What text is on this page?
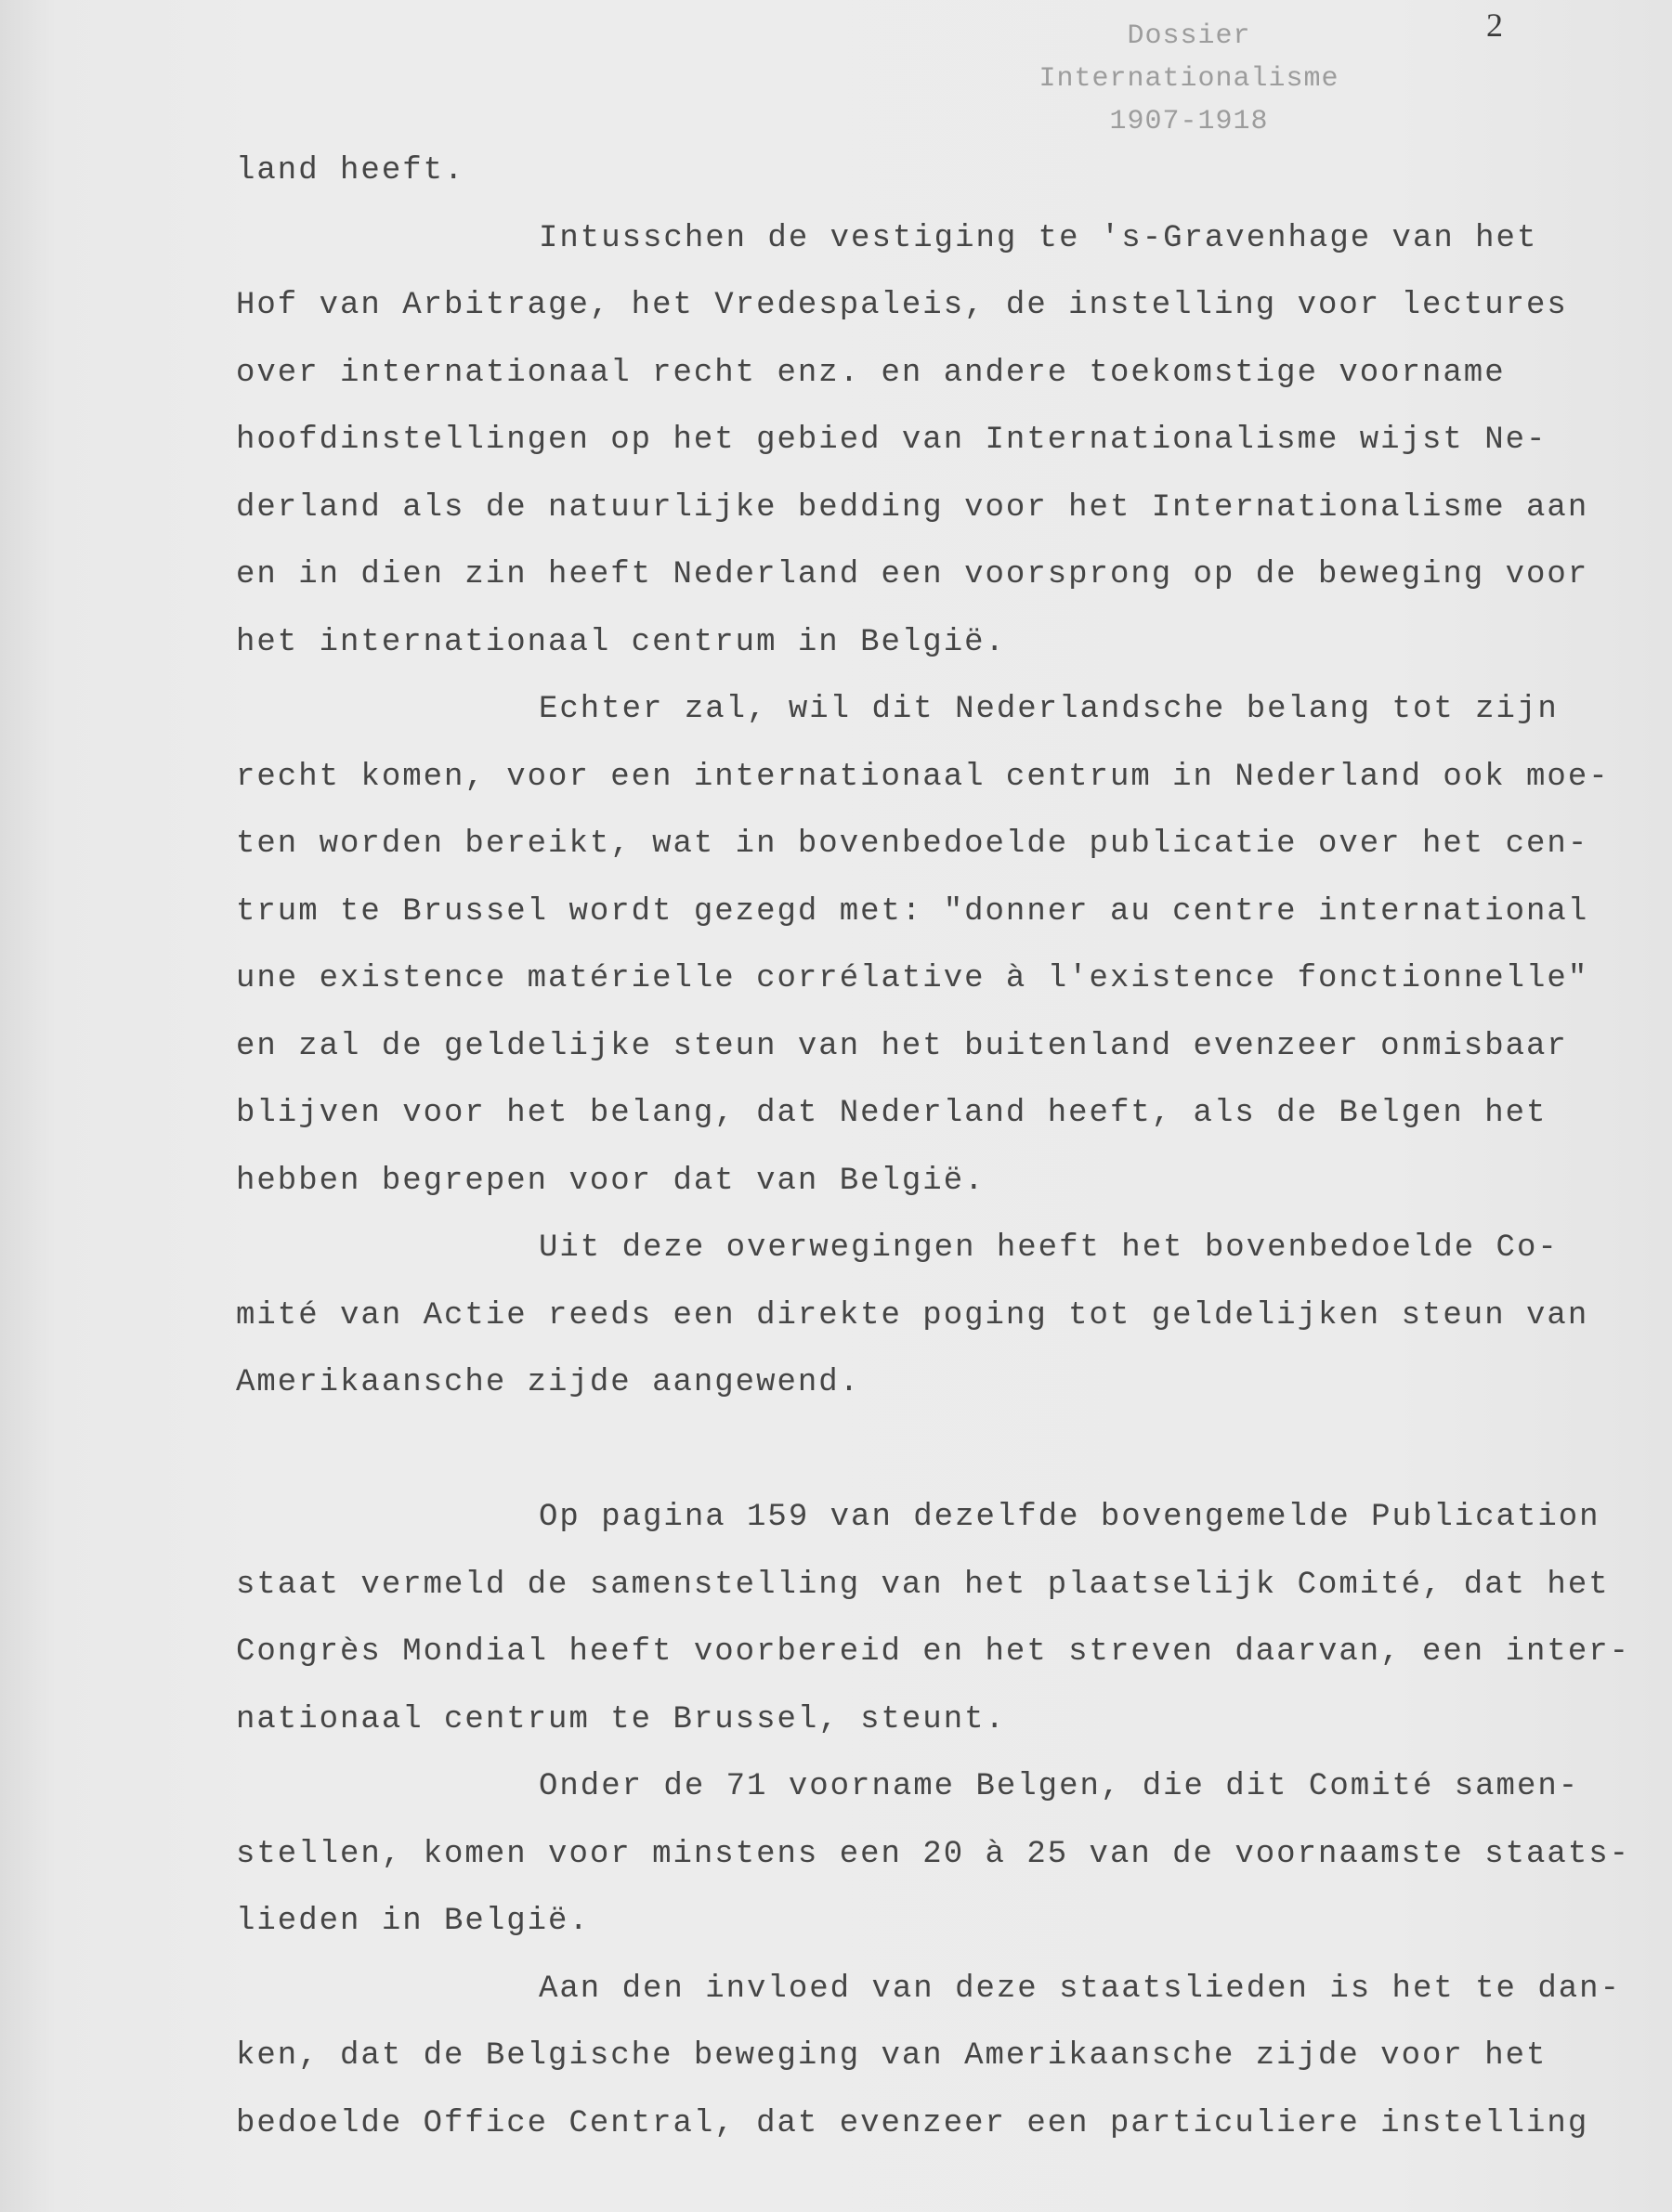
Dossier
Internationalisme
1907-1918
2
land heeft.
Intusschen de vestiging te 's-Gravenhage van het
Hof van Arbitrage, het Vredespaleis, de instelling voor lectures
over internationaal recht enz. en andere toekomstige voorname
hoofdinstellingen op het gebied van Internationalisme wijst Ne-
derland als de natuurlijke bedding voor het Internationalisme aan
en in dien zin heeft Nederland een voorsprong op de beweging voor
het internationaal centrum in België.
Echter zal, wil dit Nederlandsche belang tot zijn
recht komen, voor een internationaal centrum in Nederland ook moe-
ten worden bereikt, wat in bovenbedoelde publicatie over het cen-
trum te Brussel wordt gezegd met: "donner au centre international
une existence matérielle corrélative à l'existence fonctionnelle"
en zal de geldelijke steun van het buitenland evenzeer onmisbaar
blijven voor het belang, dat Nederland heeft, als de Belgen het
hebben begrepen voor dat van België.
Uit deze overwegingen heeft het bovenbedoelde Co-
mité van Actie reeds een direkte poging tot geldelijken steun van
Amerikaansche zijde aangewend.
Op pagina 159 van dezelfde bovengemelde Publication
staat vermeld de samenstelling van het plaatselijk Comité, dat het
Congrès Mondial heeft voorbereid en het streven daarvan, een inter-
nationaal centrum te Brussel, steunt.
Onder de 71 voorname Belgen, die dit Comité samen-
stellen, komen voor minstens een 20 à 25 van de voornaamste staats-
lieden in België.
Aan den invloed van deze staatslieden is het te dan-
ken, dat de Belgische beweging van Amerikaansche zijde voor het
bedoelde Office Central, dat evenzeer een particuliere instelling
